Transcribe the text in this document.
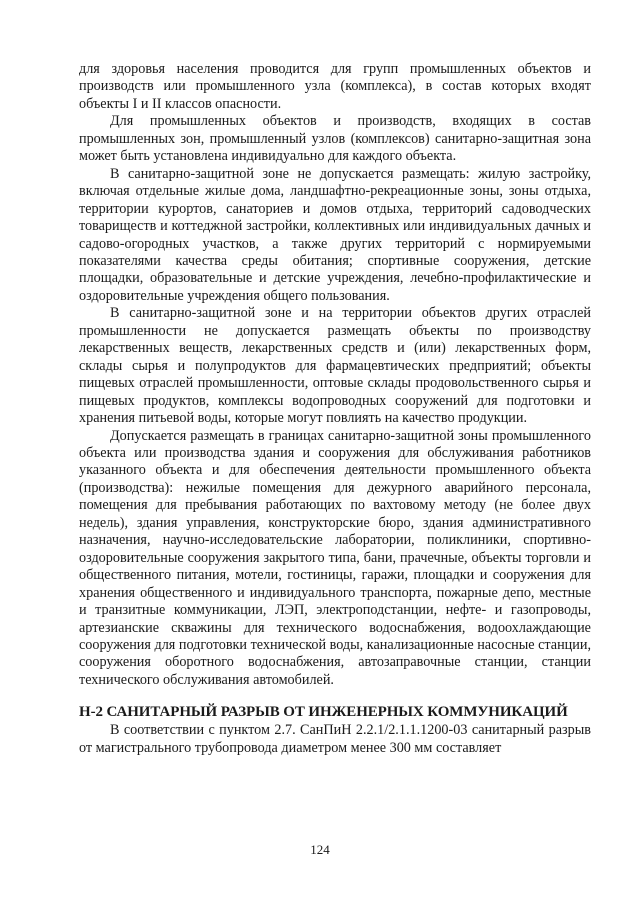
для здоровья населения проводится для групп промышленных объектов и производств или промышленного узла (комплекса), в состав которых входят объекты I и II классов опасности.

Для промышленных объектов и производств, входящих в состав промышленных зон, промышленный узлов (комплексов) санитарно-защитная зона может быть установлена индивидуально для каждого объекта.

В санитарно-защитной зоне не допускается размещать: жилую застройку, включая отдельные жилые дома, ландшафтно-рекреационные зоны, зоны отдыха, территории курортов, санаториев и домов отдыха, территорий садоводческих товариществ и коттеджной застройки, коллективных или индивидуальных дачных и садово-огородных участков, а также других территорий с нормируемыми показателями качества среды обитания; спортивные сооружения, детские площадки, образовательные и детские учреждения, лечебно-профилактические и оздоровительные учреждения общего пользования.

В санитарно-защитной зоне и на территории объектов других отраслей промышленности не допускается размещать объекты по производству лекарственных веществ, лекарственных средств и (или) лекарственных форм, склады сырья и полупродуктов для фармацевтических предприятий; объекты пищевых отраслей промышленности, оптовые склады продовольственного сырья и пищевых продуктов, комплексы водопроводных сооружений для подготовки и хранения питьевой воды, которые могут повлиять на качество продукции.

Допускается размещать в границах санитарно-защитной зоны промышленного объекта или производства здания и сооружения для обслуживания работников указанного объекта и для обеспечения деятельности промышленного объекта (производства): нежилые помещения для дежурного аварийного персонала, помещения для пребывания работающих по вахтовому методу (не более двух недель), здания управления, конструкторские бюро, здания административного назначения, научно-исследовательские лаборатории, поликлиники, спортивно-оздоровительные сооружения закрытого типа, бани, прачечные, объекты торговли и общественного питания, мотели, гостиницы, гаражи, площадки и сооружения для хранения общественного и индивидуального транспорта, пожарные депо, местные и транзитные коммуникации, ЛЭП, электроподстанции, нефте- и газопроводы, артезианские скважины для технического водоснабжения, водоохлаждающие сооружения для подготовки технической воды, канализационные насосные станции, сооружения оборотного водоснабжения, автозаправочные станции, станции технического обслуживания автомобилей.

Н-2 САНИТАРНЫЙ РАЗРЫВ ОТ ИНЖЕНЕРНЫХ КОММУНИКАЦИЙ

В соответствии с пунктом 2.7. СанПиН 2.2.1/2.1.1.1200-03 санитарный разрыв от магистрального трубопровода диаметром менее 300 мм составляет

124
